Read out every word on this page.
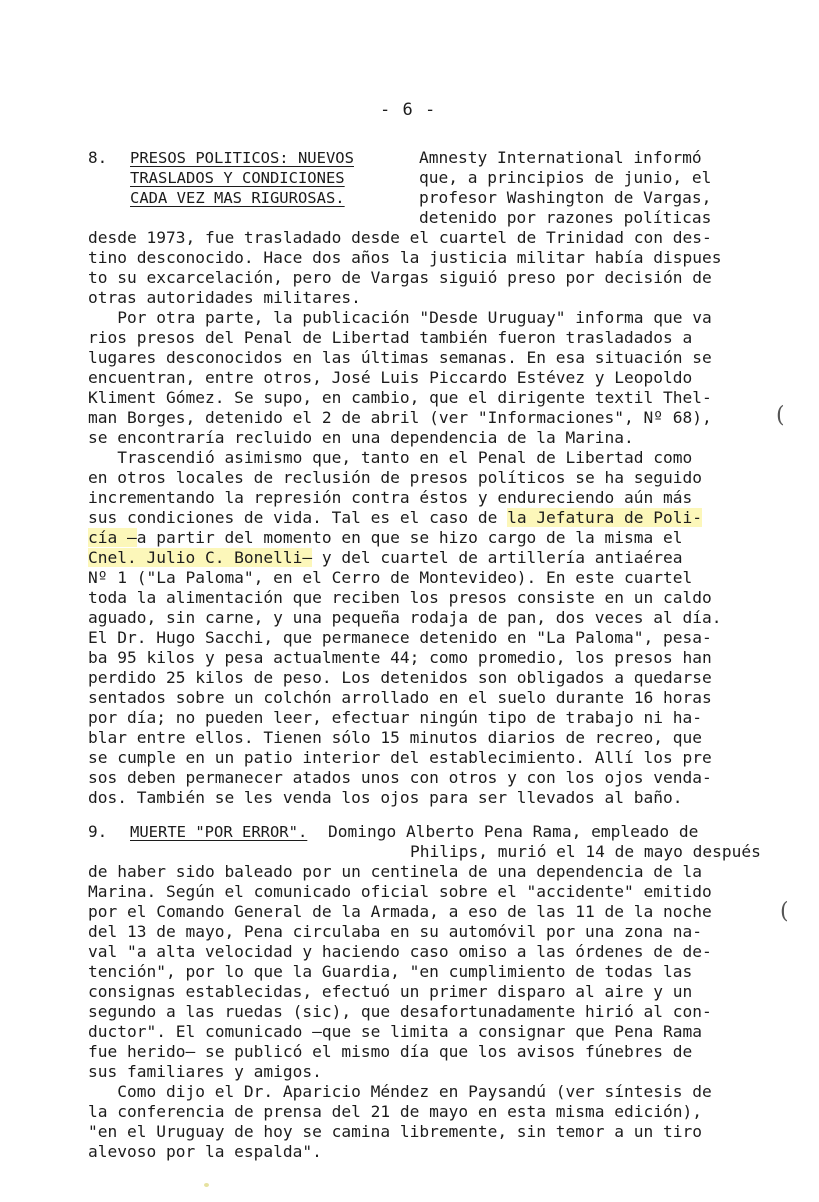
- 6 -
8. PRESOS POLITICOS: NUEVOS
TRASLADOS Y CONDICIONES
CADA VEZ MAS RIGUROSAS.
Amnesty International informó
que, a principios de junio, el
profesor Washington de Vargas,
detenido por razones políticas
desde 1973, fue trasladado desde el cuartel de Trinidad con des-
tino desconocido. Hace dos años la justicia militar había dispues
to su excarcelación, pero de Vargas siguió preso por decisión de
otras autoridades militares.
Por otra parte, la publicación "Desde Uruguay" informa que va
rios presos del Penal de Libertad también fueron trasladados a
lugares desconocidos en las últimas semanas. En esa situación se
encuentran, entre otros, José Luis Piccardo Estévez y Leopoldo
Kliment Gómez. Se supo, en cambio, que el dirigente textil Thel-
man Borges, detenido el 2 de abril (ver "Informaciones", Nº 68),
se encontraría recluido en una dependencia de la Marina.
Trascendió asimismo que, tanto en el Penal de Libertad como
en otros locales de reclusión de presos políticos se ha seguido
incrementando la represión contra éstos y endureciendo aún más
sus condiciones de vida. Tal es el caso de la Jefatura de Poli-
cía —a partir del momento en que se hizo cargo de la misma el
Cnel. Julio C. Bonelli— y del cuartel de artillería antiaérea
Nº 1 ("La Paloma", en el Cerro de Montevideo). En este cuartel
toda la alimentación que reciben los presos consiste en un caldo
aguado, sin carne, y una pequeña rodaja de pan, dos veces al día.
El Dr. Hugo Sacchi, que permanece detenido en "La Paloma", pesa-
ba 95 kilos y pesa actualmente 44; como promedio, los presos han
perdido 25 kilos de peso. Los detenidos son obligados a quedarse
sentados sobre un colchón arrollado en el suelo durante 16 horas
por día; no pueden leer, efectuar ningún tipo de trabajo ni ha-
blar entre ellos. Tienen sólo 15 minutos diarios de recreo, que
se cumple en un patio interior del establecimiento. Allí los pre
sos deben permanecer atados unos con otros y con los ojos venda-
dos. También se les venda los ojos para ser llevados al baño.
9. MUERTE "POR ERROR". Domingo Alberto Pena Rama, empleado de
Philips, murió el 14 de mayo después
de haber sido baleado por un centinela de una dependencia de la
Marina. Según el comunicado oficial sobre el "accidente" emitido
por el Comando General de la Armada, a eso de las 11 de la noche
del 13 de mayo, Pena circulaba en su automóvil por una zona na-
val "a alta velocidad y haciendo caso omiso a las órdenes de de-
tención", por lo que la Guardia, "en cumplimiento de todas las
consignas establecidas, efectuó un primer disparo al aire y un
segundo a las ruedas (sic), que desafortunadamente hirió al con-
ductor". El comunicado —que se limita a consignar que Pena Rama
fue herido— se publicó el mismo día que los avisos fúnebres de
sus familiares y amigos.
Como dijo el Dr. Aparicio Méndez en Paysandú (ver síntesis de
la conferencia de prensa del 21 de mayo en esta misma edición),
"en el Uruguay de hoy se camina libremente, sin temor a un tiro
alevoso por la espalda".
(
(
